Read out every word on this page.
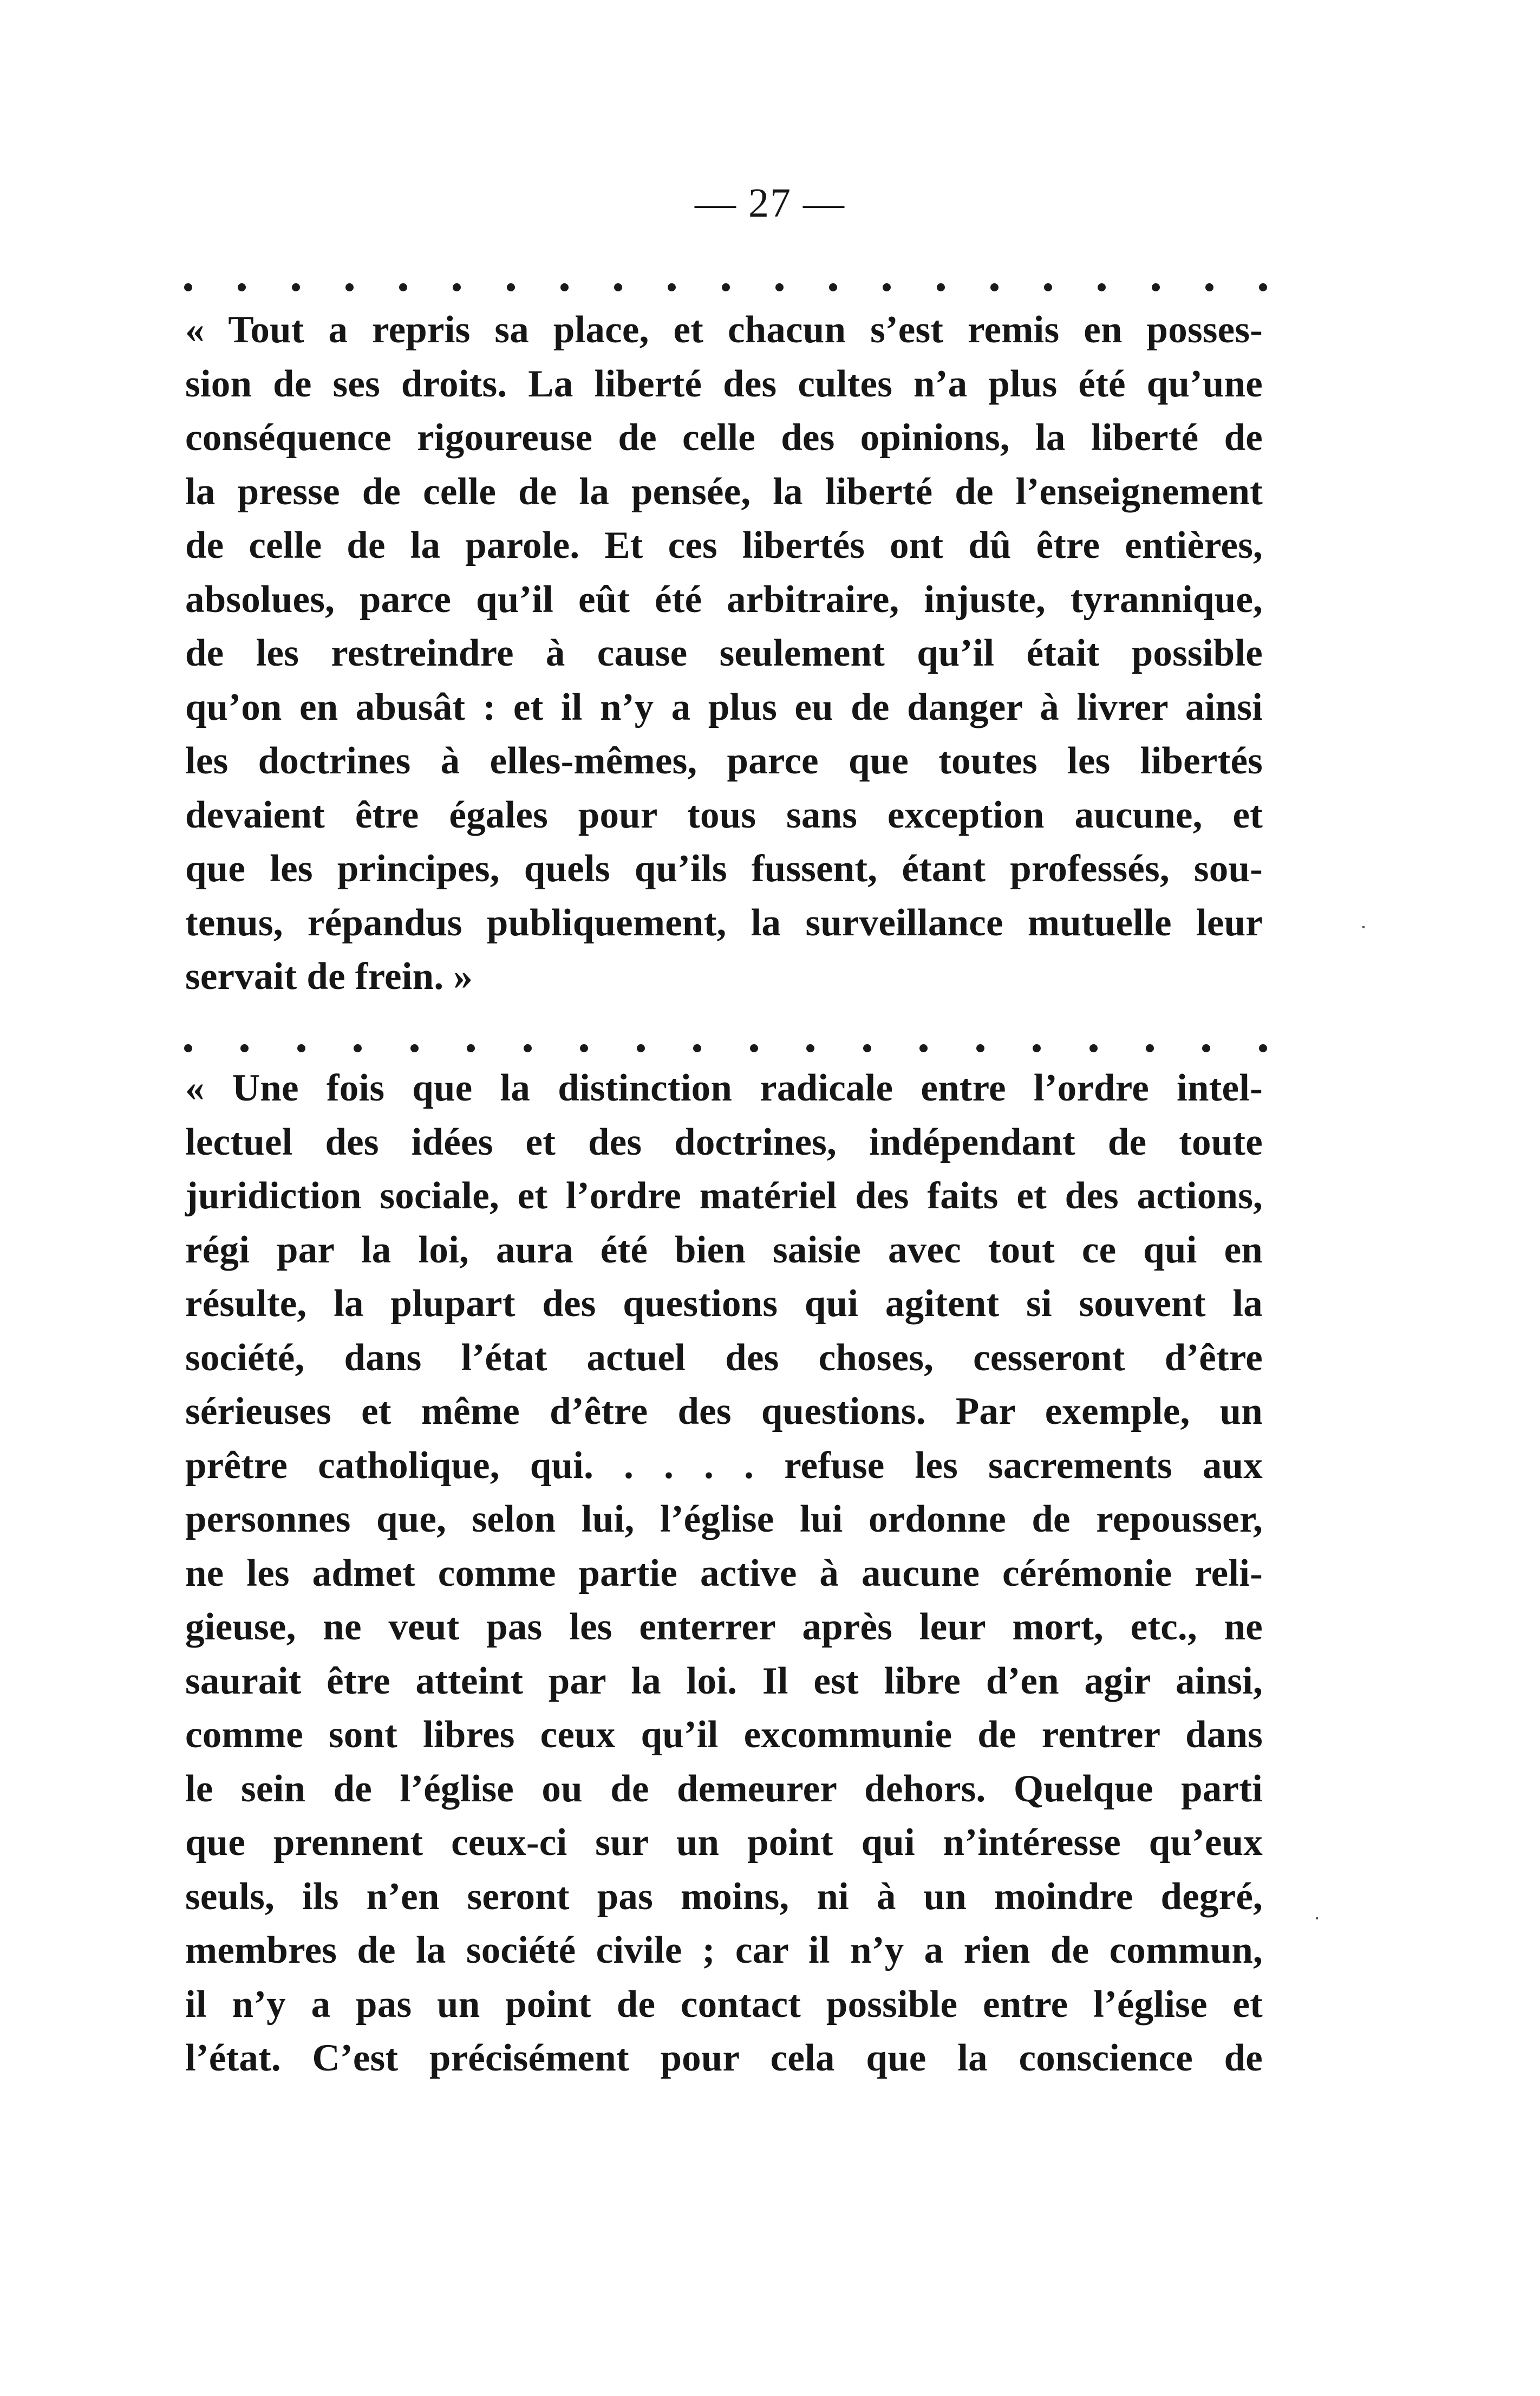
— 27 —
« Tout a repris sa place, et chacun s’est remis en posses-
sion de ses droits. La liberté des cultes n’a plus été qu’une
conséquence rigoureuse de celle des opinions, la liberté de
la presse de celle de la pensée, la liberté de l’enseignement
de celle de la parole. Et ces libertés ont dû être entières,
absolues, parce qu’il eût été arbitraire, injuste, tyrannique,
de les restreindre à cause seulement qu’il était possible
qu’on en abusât : et il n’y a plus eu de danger à livrer ainsi
les doctrines à elles-mêmes, parce que toutes les libertés
devaient être égales pour tous sans exception aucune, et
que les principes, quels qu’ils fussent, étant professés, sou-
tenus, répandus publiquement, la surveillance mutuelle leur
servait de frein. »
« Une fois que la distinction radicale entre l’ordre intel-
lectuel des idées et des doctrines, indépendant de toute
juridiction sociale, et l’ordre matériel des faits et des actions,
régi par la loi, aura été bien saisie avec tout ce qui en
résulte, la plupart des questions qui agitent si souvent la
société, dans l’état actuel des choses, cesseront d’être
sérieuses et même d’être des questions. Par exemple, un
prêtre catholique, qui. . . . . refuse les sacrements aux
personnes que, selon lui, l’église lui ordonne de repousser,
ne les admet comme partie active à aucune cérémonie reli-
gieuse, ne veut pas les enterrer après leur mort, etc., ne
saurait être atteint par la loi. Il est libre d’en agir ainsi,
comme sont libres ceux qu’il excommunie de rentrer dans
le sein de l’église ou de demeurer dehors. Quelque parti
que prennent ceux-ci sur un point qui n’intéresse qu’eux
seuls, ils n’en seront pas moins, ni à un moindre degré,
membres de la société civile ; car il n’y a rien de commun,
il n’y a pas un point de contact possible entre l’église et
l’état. C’est précisément pour cela que la conscience de
